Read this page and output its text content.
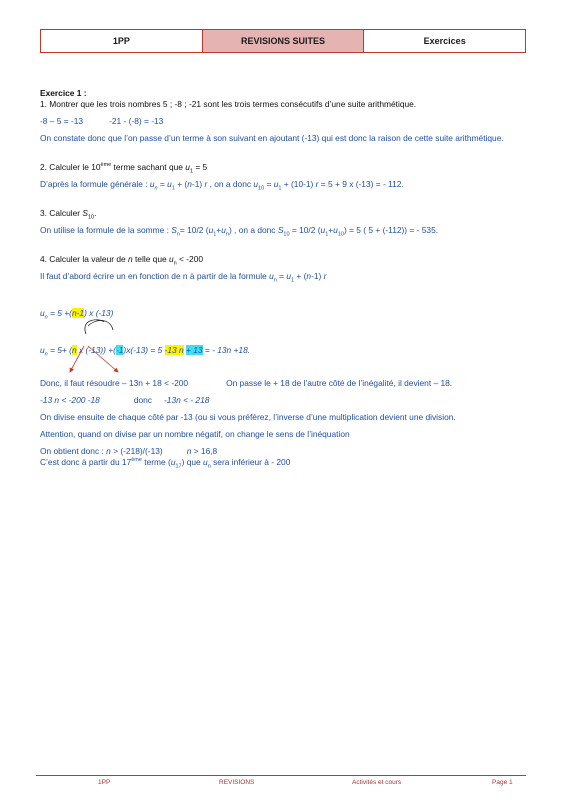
1PP	REVISIONS SUITES	Exercices
Exercice 1 :
1. Montrer que les trois nombres 5 ; -8 ; -21 sont les trois termes consécutifs d’une suite arithmétique.
-8 – 5 = -13	-21 - (-8) = -13
On constate donc que l’on passe d’un terme à son suivant en ajoutant (-13) qui est donc la raison de cette suite arithmétique.
2. Calculer le 10ème terme sachant que $u_1 = 5$
D’après la formule générale : $u_n = u_1 + (n-1)$ r , on a donc $u_{10} = u_1 + (10-1) r = 5 + 9$ x (-13) = - 112.
3. Calculer $S_{10}$.
On utilise la formule de la somme : $S_n= 10/2$ $(u_1+u_n)$ , on a donc $S_{10} = 10/2$ $(u_1+u_{10}) = 5$ ( 5 + (-112)) = - 535.
4. Calculer la valeur de n telle que $u_n < -200$
Il faut d’abord écrire un en fonction de n à partir de la formule $u_n = u_1 + (n-1)$ r
$u_n = 5 +(n-1)$ x (-13)
$u_n = 5+ (n$ x (-13)) +(-1)x(-13) = 5 -13 n + 13 = - 13n +18.
Donc, il faut résoudre – 13n + 18 < -200	On passe le + 18 de l’autre côté de l’inégalité, il devient – 18.
-13 n < -200 -18	donc -13n < - 218
On divise ensuite de chaque côté par -13 (ou si vous préférez, l’inverse d’une multiplication devient une division.
Attention, quand on divise par un nombre négatif, on change le sens de l’inéquation
On obtient donc : n > (-218)/(-13)	n > 16,8
C’est donc à partir du 17ème terme $(u_{17})$ que $u_n$ sera inférieur à - 200
1PP	REVISIONS	Activités et cours	Page 1
